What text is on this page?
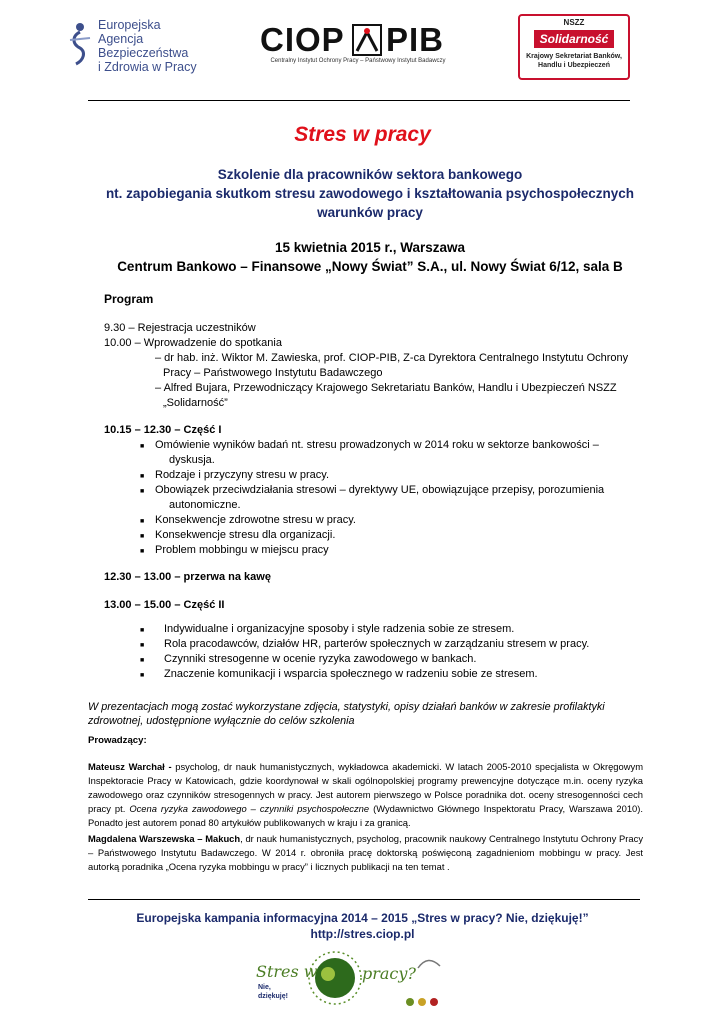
Europejska Agencja
Bezpieczeństwa
i Zdrowia w Pracy
CIOP PIB
Centralny Instytut Ochrony Pracy – Państwowy Instytut Badawczy
NSZZ
Solidarność
Krajowy Sekretariat Banków,
Handlu i Ubezpieczeń
Stres w pracy
Szkolenie dla pracowników sektora bankowego
nt. zapobiegania skutkom stresu zawodowego i kształtowania psychospołecznych
warunków pracy
15 kwietnia 2015 r., Warszawa
Centrum Bankowo – Finansowe „Nowy Świat” S.A., ul. Nowy Świat 6/12, sala B
Program
9.30 – Rejestracja uczestników
10.00 – Wprowadzenie do spotkania
– dr hab. inż. Wiktor M. Zawieska, prof. CIOP-PIB, Z-ca Dyrektora Centralnego Instytutu Ochrony
Pracy – Państwowego Instytutu Badawczego
– Alfred Bujara, Przewodniczący Krajowego Sekretariatu Banków, Handlu i Ubezpieczeń NSZZ
„Solidarność”
10.15 – 12.30 – Część I
■ Omówienie wyników badań nt. stresu prowadzonych w 2014 roku w sektorze bankowości –
dyskusja.
■ Rodzaje i przyczyny stresu w pracy.
■ Obowiązek przeciwdziałania stresowi – dyrektywy UE, obowiązujące przepisy, porozumienia
autonomiczne.
■ Konsekwencje zdrowotne stresu w pracy.
■ Konsekwencje stresu dla organizacji.
■ Problem mobbingu w miejscu pracy
12.30 – 13.00 – przerwa na kawę
13.00 – 15.00 – Część II
■ Indywidualne i organizacyjne sposoby i style radzenia sobie ze stresem.
■ Rola pracodawców, działów HR, parterów społecznych w zarządzaniu stresem w pracy.
■ Czynniki stresogenne w ocenie ryzyka zawodowego w bankach.
■ Znaczenie komunikacji i wsparcia społecznego w radzeniu sobie ze stresem.
W prezentacjach mogą zostać wykorzystane zdjęcia, statystyki, opisy działań banków w zakresie profilaktyki
zdrowotnej, udostępnione wyłącznie do celów szkolenia
Prowadzący:
Mateusz Warchał - psycholog, dr nauk humanistycznych, wykładowca akademicki. W latach 2005-2010 specjalista w Okręgowym Inspektoracie Pracy w Katowicach, gdzie koordynował w skali ogólnopolskiej programy prewencyjne dotyczące m.in. oceny ryzyka zawodowego oraz czynników stresogennych w pracy. Jest autorem pierwszego w Polsce poradnika dot. oceny stresogenności cech pracy pt. Ocena ryzyka zawodowego – czynniki psychospołeczne (Wydawnictwo Głównego Inspektoratu Pracy, Warszawa 2010). Ponadto jest autorem ponad 80 artykułów publikowanych w kraju i za granicą.
Magdalena Warszewska – Makuch, dr nauk humanistycznych, psycholog, pracownik naukowy Centralnego Instytutu Ochrony Pracy – Państwowego Instytutu Badawczego. W 2014 r. obroniła pracę doktorską poświęconą zagadnieniom mobbingu w pracy. Jest autorką poradnika „Ocena ryzyka mobbingu w pracy” i licznych publikacji na ten temat .
Europejska kampania informacyjna 2014 – 2015 „Stres w pracy? Nie, dziękuję!”
http://stres.ciop.pl
Stres w	pracy?
Nie,
dziękuję!
